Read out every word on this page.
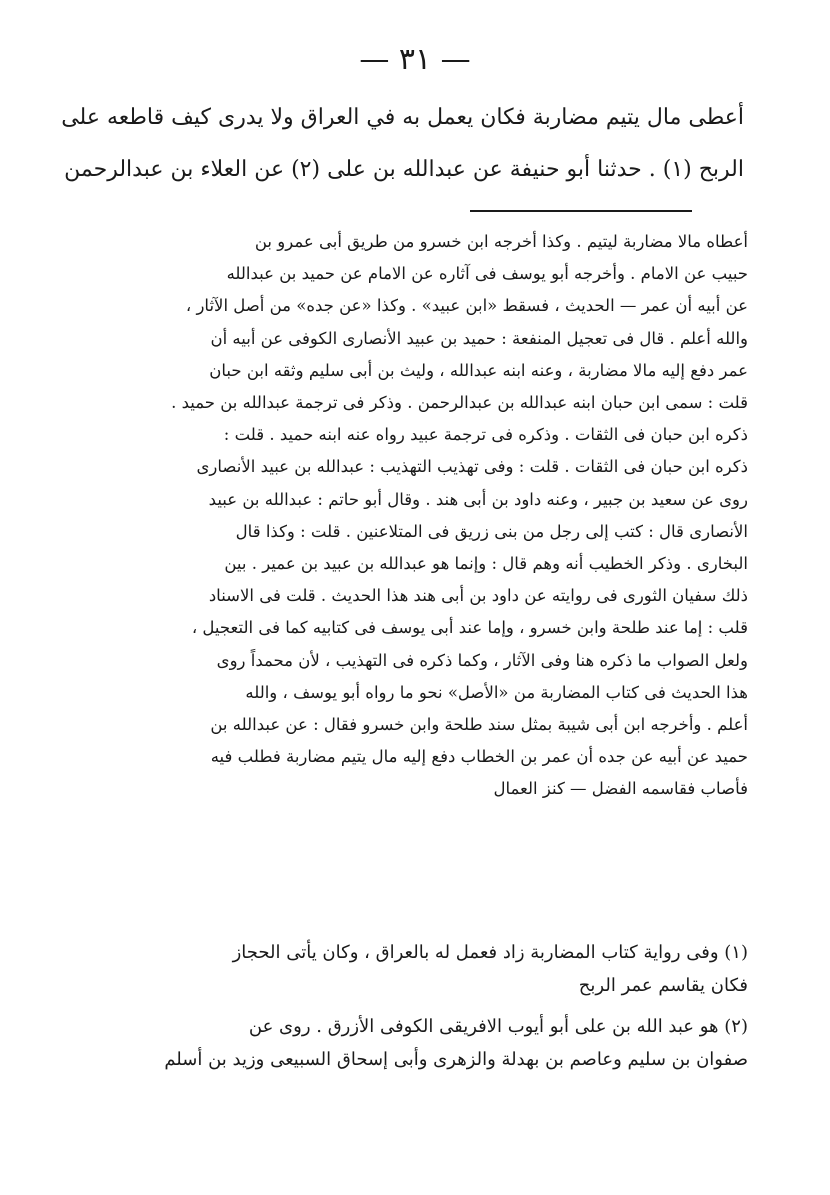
— ٣١ —
أعطى مال يتيم مضاربة فكان يعمل به في العراق ولا يدرى كيف قاطعه على
الربح (١) . حدثنا أبو حنيفة عن عبدالله بن على (٢) عن العلاء بن عبدالرحمن
أعطاه مالا مضاربة ليتيم . وكذا أخرجه ابن خسرو من طريق أبى عمرو بن
حبيب عن الامام . وأخرجه أبو يوسف فى آثاره عن الامام عن حميد بن عبدالله
عن أبيه أن عمر — الحديث ، فسقط «ابن عبيد» . وكذا «عن جده» من أصل الآثار ،
والله أعلم . قال فى تعجيل المنفعة : حميد بن عبيد الأنصارى الكوفى عن أبيه أن
عمر دفع إليه مالا مضاربة ، وعنه ابنه عبدالله ، وليث بن أبى سليم وثقه ابن حبان
قلت : سمى ابن حبان ابنه عبدالله بن عبدالرحمن . وذكر فى ترجمة عبدالله بن حميد .
ذكره ابن حبان فى الثقات . وذكره فى ترجمة عبيد رواه عنه ابنه حميد . قلت :
ذكره ابن حبان فى الثقات . قلت : وفى تهذيب التهذيب : عبدالله بن عبيد الأنصارى
روى عن سعيد بن جبير ، وعنه داود بن أبى هند . وقال أبو حاتم : عبدالله بن عبيد
الأنصارى قال : كتب إلى رجل من بنى زريق فى المتلاعنين . قلت : وكذا قال
البخارى . وذكر الخطيب أنه وهم قال : وإنما هو عبدالله بن عبيد بن عمير . بين
ذلك سفيان الثورى فى روايته عن داود بن أبى هند هذا الحديث . قلت فى الاسناد
قلب : إما عند طلحة وابن خسرو ، وإما عند أبى يوسف فى كتابيه كما فى التعجيل ،
ولعل الصواب ما ذكره هنا وفى الآثار ، وكما ذكره فى التهذيب ، لأن محمداً روى
هذا الحديث فى كتاب المضاربة من «الأصل» نحو ما رواه أبو يوسف ، والله
أعلم . وأخرجه ابن أبى شيبة بمثل سند طلحة وابن خسرو فقال : عن عبدالله بن
حميد عن أبيه عن جده أن عمر بن الخطاب دفع إليه مال يتيم مضاربة فطلب فيه
فأصاب فقاسمه الفضل — كنز العمال
(١) وفى رواية كتاب المضاربة زاد فعمل له بالعراق ، وكان يأتى الحجاز
فكان يقاسم عمر الربح
(٢) هو عبد الله بن على أبو أيوب الافريقى الكوفى الأزرق . روى عن
صفوان بن سليم وعاصم بن بهدلة والزهرى وأبى إسحاق السبيعى وزيد بن أسلم
